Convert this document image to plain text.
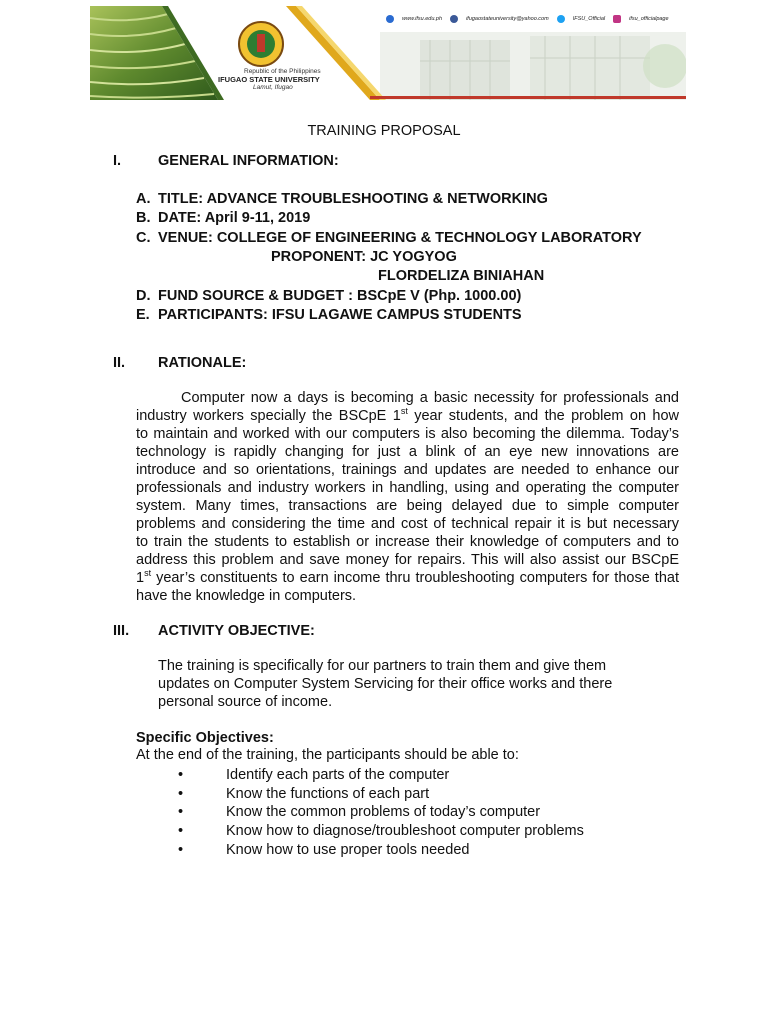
Republic of the Philippines
IFUGAO STATE UNIVERSITY
Lamut, Ifugao
www.ifsu.edu.ph	ifugaostateuniversity@yahoo.com	IFSU_Official	ifsu_officialpage
TRAINING PROPOSAL
I.	GENERAL INFORMATION:
A. TITLE: ADVANCE TROUBLESHOOTING & NETWORKING
B. DATE: April 9-11, 2019
C. VENUE: COLLEGE OF ENGINEERING & TECHNOLOGY LABORATORY
PROPONENT: JC YOGYOG
FLORDELIZA BINIAHAN
D. FUND SOURCE & BUDGET : BSCpE V (Php. 1000.00)
E. PARTICIPANTS: IFSU LAGAWE CAMPUS STUDENTS
II. RATIONALE:
Computer now a days is becoming a basic necessity for professionals and
industry workers specially the BSCpE 1st year students, and the problem on how
to maintain and worked with our computers is also becoming the dilemma. Today’s
technology is rapidly changing for just a blink of an eye new innovations are
introduce and so orientations, trainings and updates are needed to enhance our
professionals and industry workers in handling, using and operating the computer
system. Many times, transactions are being delayed due to simple computer
problems and considering the time and cost of technical repair it is but necessary
to train the students to establish or increase their knowledge of computers and to
address this problem and save money for repairs. This will also assist our BSCpE
1st year’s constituents to earn income thru troubleshooting computers for those that
have the knowledge in computers.
III. ACTIVITY OBJECTIVE:
The training is specifically for our partners to train them and give them
updates on Computer System Servicing for their office works and there
personal source of income.
Specific Objectives:
At the end of the training, the participants should be able to:
•	Identify each parts of the computer
•	Know the functions of each part
•	Know the common problems of today’s computer
•	Know how to diagnose/troubleshoot computer problems
•	Know how to use proper tools needed
